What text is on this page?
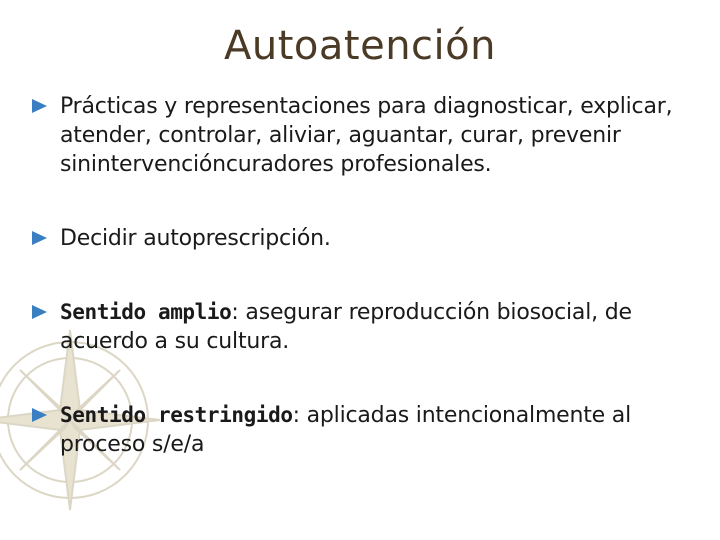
Autoatención
Prácticas y representaciones para diagnosticar, explicar, atender, controlar, aliviar, aguantar, curar, prevenir sinintervencióncuradores profesionales.
Decidir autoprescripción.
Sentido amplio: asegurar reproducción biosocial, de acuerdo a su cultura.
Sentido restringido: aplicadas intencionalmente al proceso s/e/a
